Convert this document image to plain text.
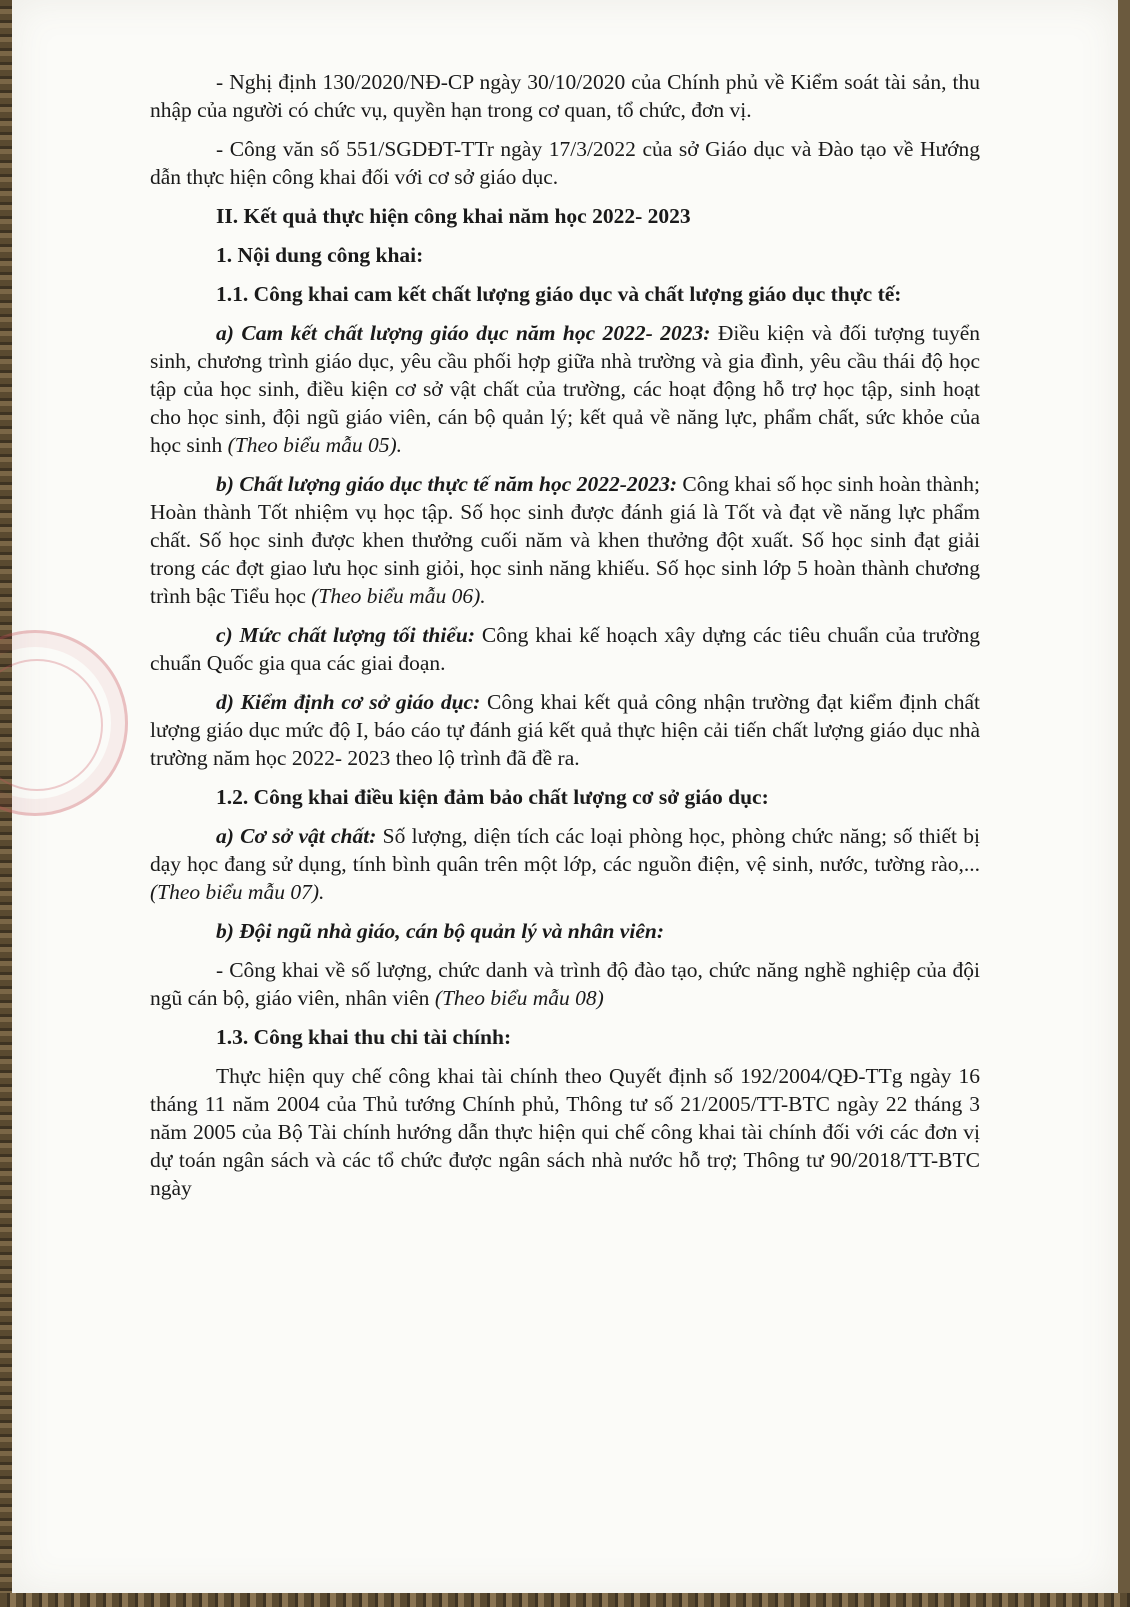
- Nghị định 130/2020/NĐ-CP ngày 30/10/2020 của Chính phủ về Kiểm soát tài sản, thu nhập của người có chức vụ, quyền hạn trong cơ quan, tổ chức, đơn vị.

- Công văn số 551/SGDĐT-TTr ngày 17/3/2022 của sở Giáo dục và Đào tạo về Hướng dẫn thực hiện công khai đối với cơ sở giáo dục.

II. Kết quả thực hiện công khai năm học 2022- 2023

1. Nội dung công khai:

1.1. Công khai cam kết chất lượng giáo dục và chất lượng giáo dục thực tế:

a) Cam kết chất lượng giáo dục năm học 2022- 2023: Điều kiện và đối tượng tuyển sinh, chương trình giáo dục, yêu cầu phối hợp giữa nhà trường và gia đình, yêu cầu thái độ học tập của học sinh, điều kiện cơ sở vật chất của trường, các hoạt động hỗ trợ học tập, sinh hoạt cho học sinh, đội ngũ giáo viên, cán bộ quản lý; kết quả về năng lực, phẩm chất, sức khỏe của học sinh (Theo biểu mẫu 05).

b) Chất lượng giáo dục thực tế năm học 2022-2023: Công khai số học sinh hoàn thành; Hoàn thành Tốt nhiệm vụ học tập. Số học sinh được đánh giá là Tốt và đạt về năng lực phẩm chất. Số học sinh được khen thưởng cuối năm và khen thưởng đột xuất. Số học sinh đạt giải trong các đợt giao lưu học sinh giỏi, học sinh năng khiếu. Số học sinh lớp 5 hoàn thành chương trình bậc Tiểu học (Theo biểu mẫu 06).

c) Mức chất lượng tối thiểu: Công khai kế hoạch xây dựng các tiêu chuẩn của trường chuẩn Quốc gia qua các giai đoạn.

d) Kiểm định cơ sở giáo dục: Công khai kết quả công nhận trường đạt kiểm định chất lượng giáo dục mức độ I, báo cáo tự đánh giá kết quả thực hiện cải tiến chất lượng giáo dục nhà trường năm học 2022- 2023 theo lộ trình đã đề ra.

1.2. Công khai điều kiện đảm bảo chất lượng cơ sở giáo dục:

a) Cơ sở vật chất: Số lượng, diện tích các loại phòng học, phòng chức năng; số thiết bị dạy học đang sử dụng, tính bình quân trên một lớp, các nguồn điện, vệ sinh, nước, tường rào,...(Theo biểu mẫu 07).

b) Đội ngũ nhà giáo, cán bộ quản lý và nhân viên:

- Công khai về số lượng, chức danh và trình độ đào tạo, chức năng nghề nghiệp của đội ngũ cán bộ, giáo viên, nhân viên (Theo biểu mẫu 08)

1.3. Công khai thu chi tài chính:

Thực hiện quy chế công khai tài chính theo Quyết định số 192/2004/QĐ-TTg ngày 16 tháng 11 năm 2004 của Thủ tướng Chính phủ, Thông tư số 21/2005/TT-BTC ngày 22 tháng 3 năm 2005 của Bộ Tài chính hướng dẫn thực hiện qui chế công khai tài chính đối với các đơn vị dự toán ngân sách và các tổ chức được ngân sách nhà nước hỗ trợ; Thông tư 90/2018/TT-BTC ngày
